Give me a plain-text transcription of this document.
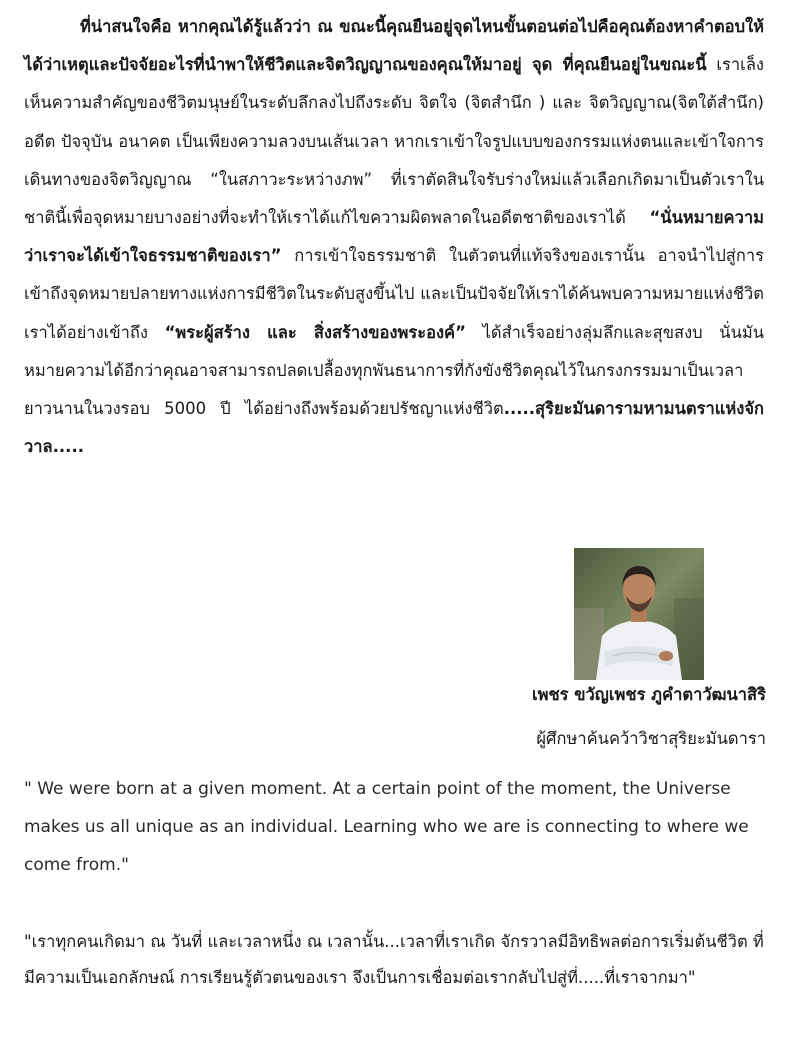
ที่น่าสนใจคือ หากคุณได้รู้แล้วว่า ณ ขณะนี้คุณยืนอยู่จุดไหนขั้นตอนต่อไปคือคุณต้องหาคำตอบให้ได้ว่าเหตุและปัจจัยอะไรที่นำพาให้ชีวิตและจิตวิญญาณของคุณให้มาอยู่ จุด ที่คุณยืนอยู่ในขณะนี้ เราเล็งเห็นความสำคัญของชีวิตมนุษย์ในระดับลึกลงไปถึงระดับ จิตใจ (จิตสำนึก ) และ จิตวิญญาณ(จิตใต้สำนึก) อดีต ปัจจุบัน อนาคต เป็นเพียงความลวงบนเส้นเวลา หากเราเข้าใจรูปแบบของกรรมแห่งตนและเข้าใจการเดินทางของจิตวิญญาณ “ในสภาวะระหว่างภพ” ที่เราตัดสินใจรับร่างใหม่แล้วเลือกเกิดมาเป็นตัวเราในชาตินี้เพื่อจุดหมายบางอย่างที่จะทำให้เราได้แก้ไขความผิดพลาดในอดีตชาติของเราได้ “นั่นหมายความว่าเราจะได้เข้าใจธรรมชาติของเรา” การเข้าใจธรรมชาติ ในตัวตนที่แท้จริงของเรานั้น อาจนำไปสู่การเข้าถึงจุดหมายปลายทางแห่งการมีชีวิตในระดับสูงขึ้นไป และเป็นปัจจัยให้เราได้ค้นพบความหมายแห่งชีวิตเราได้อย่างเข้าถึง “พระผู้สร้าง และ สิ่งสร้างของพระองค์” ได้สำเร็จอย่างลุ่มลึกและสุขสงบ นั่นมันหมายความได้อีกว่าคุณอาจสามารถปลดเปลื้องทุกพันธนาการที่กังขังชีวิตคุณไว้ในกรงกรรมมาเป็นเวลายาวนานในวงรอบ 5000 ปี ได้อย่างถึงพร้อมด้วยปรัชญาแห่งชีวิต.....สุริยะมันดารามหามนตราแห่งจักวาล.....

เพชร ขวัญเพชร ภูคำตาวัฒนาสิริ

ผู้ศึกษาค้นคว้าวิชาสุริยะมันดารา

" We were born at a given moment. At a certain point of the moment, the Universe makes us all unique as an individual. Learning who we are is connecting to where we come from."

"เราทุกคนเกิดมา ณ วันที่ และเวลาหนึ่ง ณ เวลานั้น...เวลาที่เราเกิด จักรวาลมีอิทธิพลต่อการเริ่มต้นชีวิต ที่มีความเป็นเอกลักษณ์ การเรียนรู้ตัวตนของเรา จึงเป็นการเชื่อมต่อเรากลับไปสู่ที่.....ที่เราจากมา"
